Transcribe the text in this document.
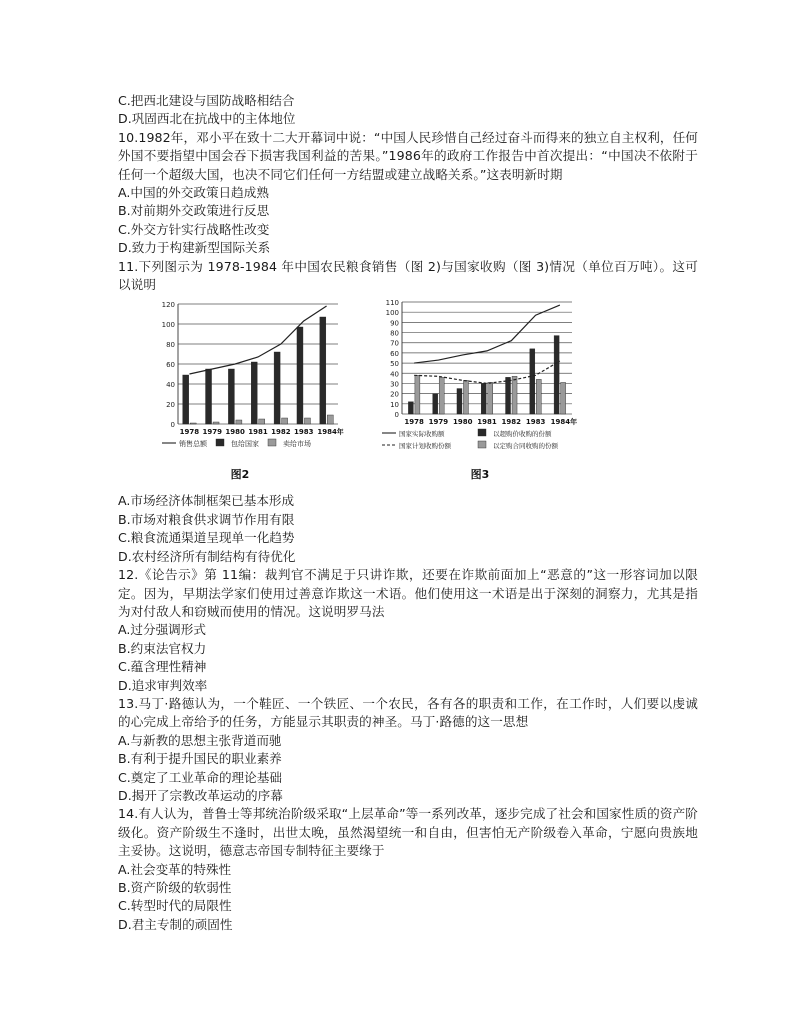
C.把西北建设与国防战略相结合
D.巩固西北在抗战中的主体地位
10.1982年，邓小平在致十二大开幕词中说：“中国人民珍惜自己经过奋斗而得来的独立自主权利，任何外国不要指望中国会吞下损害我国利益的苦果。”1986年的政府工作报告中首次提出：“中国决不依附于任何一个超级大国，也决不同它们任何一方结盟或建立战略关系。”这表明新时期
A.中国的外交政策日趋成熟
B.对前期外交政策进行反思
C.外交方针实行战略性改变
D.致力于构建新型国际关系
11.下列图示为 1978-1984 年中国农民粮食销售（图 2)与国家收购（图 3)情况（单位百万吨）。这可以说明
0
20
40
60
80
100
120
1978 1979 1980 1981 1982 1983 1984年
销售总额	包给国家	卖给市场
图2
0
10
20
30
40
50
60
70
80
90
100
110
1978 1979 1980 1981 1982 1983 1984年
国家实际收购额	以超购价收购的份额
国家计划收购份额	以定购合同收购的份额
图3
A.市场经济体制框架已基本形成
B.市场对粮食供求调节作用有限
C.粮食流通渠道呈现单一化趋势
D.农村经济所有制结构有待优化
12.《论告示》第 11编：裁判官不满足于只讲诈欺，还要在诈欺前面加上“恶意的”这一形容词加以限定。因为，早期法学家们使用过善意诈欺这一术语。他们使用这一术语是出于深刻的洞察力，尤其是指为对付敌人和窃贼而使用的情况。这说明罗马法
A.过分强调形式
B.约束法官权力
C.蕴含理性精神
D.追求审判效率
13.马丁·路德认为，一个鞋匠、一个铁匠、一个农民，各有各的职责和工作，在工作时，人们要以虔诚的心完成上帝给予的任务，方能显示其职责的神圣。马丁·路德的这一思想
A.与新教的思想主张背道而驰
B.有利于提升国民的职业素养
C.奠定了工业革命的理论基础
D.揭开了宗教改革运动的序幕
14.有人认为，普鲁士等邦统治阶级采取“上层革命”等一系列改革，逐步完成了社会和国家性质的资产阶级化。资产阶级生不逢时，出世太晚，虽然渴望统一和自由，但害怕无产阶级卷入革命，宁愿向贵族地主妥协。这说明，德意志帝国专制特征主要缘于
A.社会变革的特殊性
B.资产阶级的软弱性
C.转型时代的局限性
D.君主专制的顽固性
